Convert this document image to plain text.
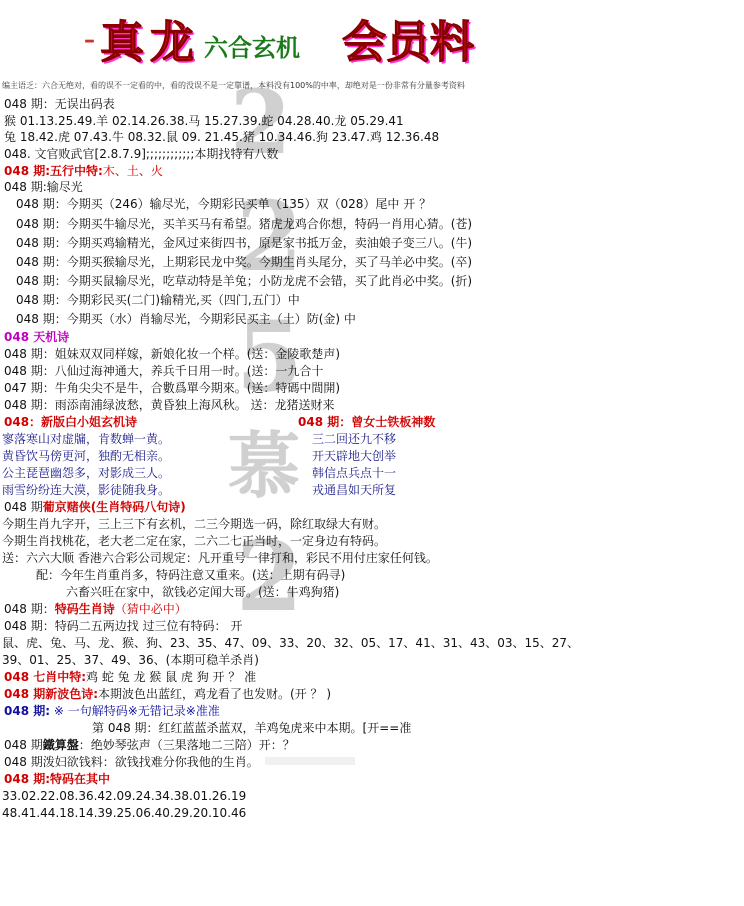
– 真 龙 六合玄机 会员料
编主语乏：六合无绝对，看的误不一定看的中，看的没误不是一定靠谱，本料没有100%的中率，却绝对是一份非常有分量参考资料
2
2
5
慕
2
048 期：无误出码表
猴 01.13.25.49.羊 02.14.26.38.马 15.27.39.蛇 04.28.40.龙 05.29.41
兔 18.42.虎 07.43.牛 08.32.鼠 09. 21.45.猪 10.34.46.狗 23.47.鸡 12.36.48
048. 文官败武官[2.8.7.9];;;;;;;;;;;;本期找特有八数
048 期:五行中特:木、土、火
048 期:输尽光
048 期：今期买（246）输尽光，今期彩民买单（135）双（028）尾中 开 ？
048 期：今期买牛输尽光，买羊买马有希望。猪虎龙鸡合你想，特码一肖用心猜。(苍)
048 期：今期买鸡输精光，金风过来街四书，原是家书抵万金，卖油娘子变三八。(牛)
048 期：今期买猴输尽光，上期彩民龙中奖。今期生肖头尾分，买了马羊必中奖。(卒)
048 期：今期买鼠输尽光，吃草动特是羊兔；小防龙虎不会错，买了此肖必中奖。(折)
048 期：今期彩民买(二门)输精光,买（四门,五门）中
048 期：今期买（水）肖输尽光，今期彩民买主（土）防(金) 中
048 天机诗
048 期：姐妹双双同样嫁，新娘化妆一个样。(送：金陵歌楚声)
048 期：八仙过海神通大，养兵千日用一时。(送：一九合十
047 期：牛角尖尖不是牛，合數爲單今期來。(送：特碼中間開)
048 期：雨添南浦绿波愁，黄昏独上海风秋。 送：龙猪送财来
048：新版白小姐玄机诗	048 期：曾女士铁板神数
寥落寒山对虚牖，肯数蝉一黄。	三二回还九不移
黄昏饮马傍更河，独酌无相亲。	开天辟地大创举
公主琵琶幽怨多，对影成三人。	韩信点兵点十一
雨雪纷纷连大漠，影徒随我身。	戎通昌如天所复
048 期葡京赌侠(生肖特码八句诗)
今期生肖九字开，三上三下有玄机，二三今期选一码，除红取绿大有财。
今期生肖找桃花，老大老二定在家，二六二七正当时，一定身边有特码。
送：六六大顺 香港六合彩公司规定：凡开重号一律打和，彩民不用付庄家任何钱。
配：今年生肖重肖多，特码注意又重来。(送：上期有码寻)
六畜兴旺在家中，欲钱必定闻大哥。(送：牛鸡狗猪)
048 期：特码生肖诗（猜中必中）
048 期：特码二五两边找 过三位有特码： 开
鼠、虎、兔、马、龙、猴、狗、23、35、47、09、33、20、32、05、17、41、31、43、03、15、27、
39、01、25、37、49、36、(本期可稳羊杀肖)
048 七肖中特:鸡 蛇 兔 龙 猴 鼠 虎 狗 开 ？ 准
048 期新波色诗:本期波色出蓝红，鸡龙看了也发财。(开 ？ )
048 期: ※ 一句解特码※无错记录※准准
第 048 期：红红蓝蓝杀蓝双，羊鸡兔虎来中本期。[开==准
048 期鐵算盤：绝妙琴弦声（三果落地二三陪）开：？
048 期泼妇欲钱料：欲钱找难分你我他的生肖。
048 期:特码在其中
33.02.22.08.36.42.09.24.34.38.01.26.19
48.41.44.18.14.39.25.06.40.29.20.10.46
